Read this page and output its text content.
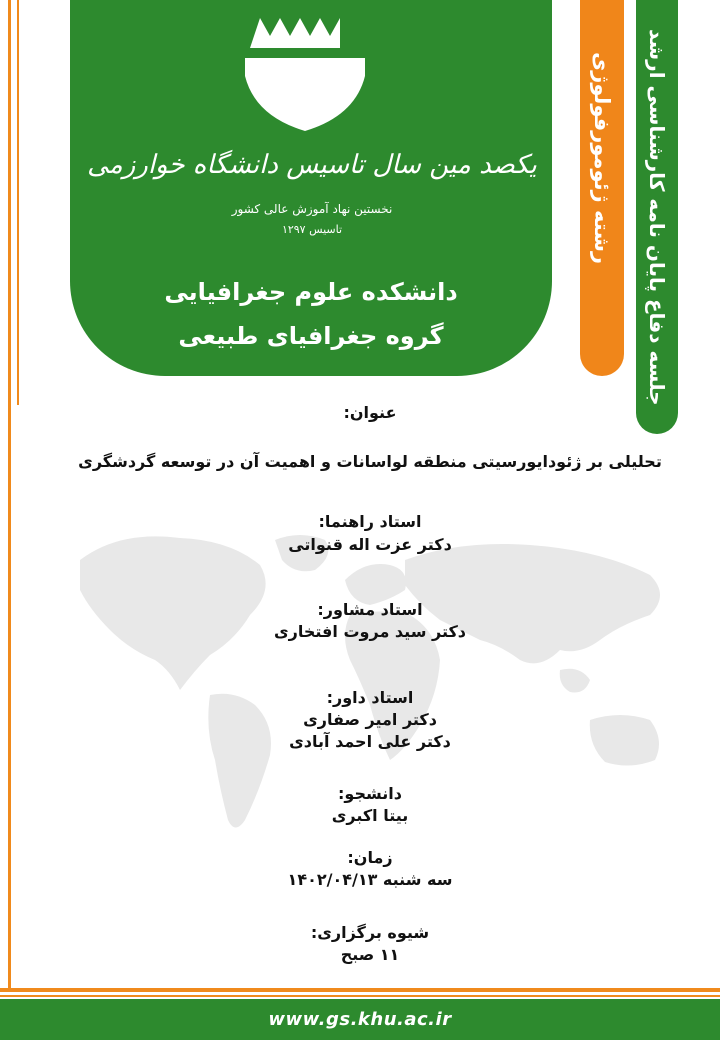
یکصد مین سال تاسیس دانشگاه خوارزمی
نخستین نهاد آموزش عالی کشور
تاسیس ۱۲۹۷
دانشکده علوم جغرافیایی
گروه جغرافیای طبیعی
رشته ژئومورفولوژی جلسه دفاع پایان نامه کارشناسی ارشد
عنوان:
تحلیلی بر ژئودایورسیتی منطقه لواسانات و اهمیت آن در توسعه گردشگری
استاد راهنما:
دکتر عزت اله قنواتی
استاد مشاور:
دکتر سید مروت افتخاری
استاد داور:
دکتر امیر صفاری
دکتر علی احمد آبادی
دانشجو:
بیتا اکبری
زمان:
سه شنبه ۱۴۰۲/۰۴/۱۳
شیوه برگزاری:
۱۱ صبح
www.gs.khu.ac.ir
